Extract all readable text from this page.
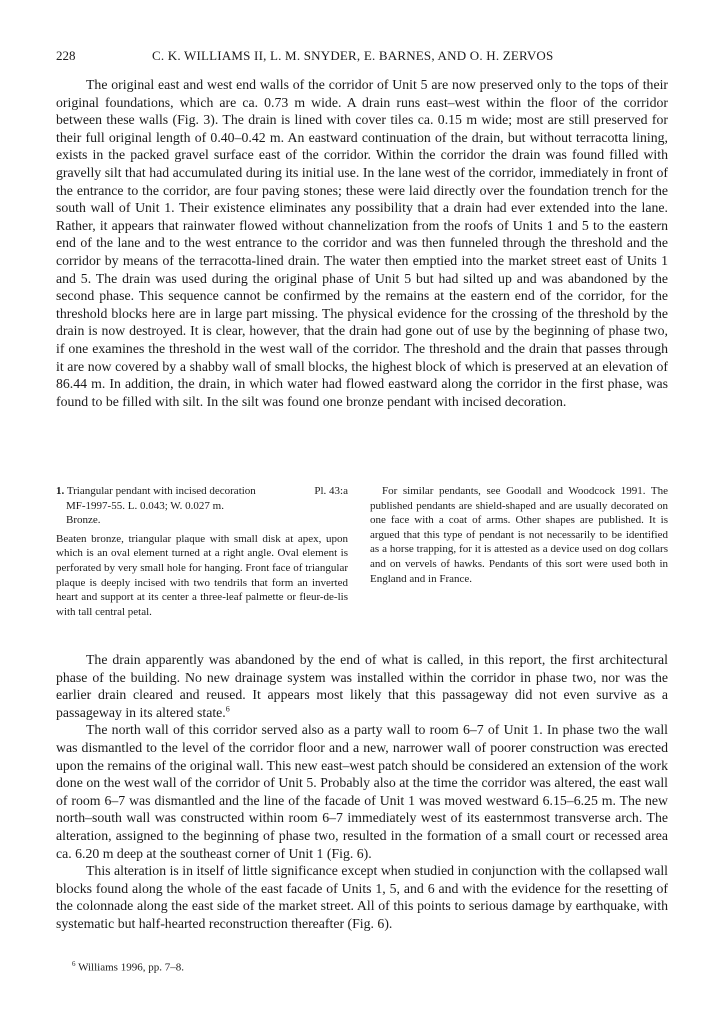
228	C. K. WILLIAMS II, L. M. SNYDER, E. BARNES, AND O. H. ZERVOS

The original east and west end walls of the corridor of Unit 5 are now preserved only to the tops of their original foundations, which are ca. 0.73 m wide. A drain runs east–west within the floor of the corridor between these walls (Fig. 3). The drain is lined with cover tiles ca. 0.15 m wide; most are still preserved for their full original length of 0.40–0.42 m. An eastward continuation of the drain, but without terracotta lining, exists in the packed gravel surface east of the corridor. Within the corridor the drain was found filled with gravelly silt that had accumulated during its initial use. In the lane west of the corridor, immediately in front of the entrance to the corridor, are four paving stones; these were laid directly over the foundation trench for the south wall of Unit 1. Their existence eliminates any possibility that a drain had ever extended into the lane. Rather, it appears that rainwater flowed without channelization from the roofs of Units 1 and 5 to the eastern end of the lane and to the west entrance to the corridor and was then funneled through the threshold and the corridor by means of the terracotta-lined drain. The water then emptied into the market street east of Units 1 and 5. The drain was used during the original phase of Unit 5 but had silted up and was abandoned by the second phase. This sequence cannot be confirmed by the remains at the eastern end of the corridor, for the threshold blocks here are in large part missing. The physical evidence for the crossing of the threshold by the drain is now destroyed. It is clear, however, that the drain had gone out of use by the beginning of phase two, if one examines the threshold in the west wall of the corridor. The threshold and the drain that passes through it are now covered by a shabby wall of small blocks, the highest block of which is preserved at an elevation of 86.44 m. In addition, the drain, in which water had flowed eastward along the corridor in the first phase, was found to be filled with silt. In the silt was found one bronze pendant with incised decoration.

1. Triangular pendant with incised decoration	Pl. 43:a
MF-1997-55. L. 0.043; W. 0.027 m.
Bronze.
Beaten bronze, triangular plaque with small disk at apex, upon which is an oval element turned at a right angle. Oval element is perforated by very small hole for hanging. Front face of triangular plaque is deeply incised with two tendrils that form an inverted heart and support at its center a three-leaf palmette or fleur-de-lis with tall central petal.

For similar pendants, see Goodall and Woodcock 1991. The published pendants are shield-shaped and are usually decorated on one face with a coat of arms. Other shapes are published. It is argued that this type of pendant is not necessarily to be identified as a horse trapping, for it is attested as a device used on dog collars and on vervels of hawks. Pendants of this sort were used both in England and in France.

The drain apparently was abandoned by the end of what is called, in this report, the first architectural phase of the building. No new drainage system was installed within the corridor in phase two, nor was the earlier drain cleared and reused. It appears most likely that this passageway did not even survive as a passageway in its altered state.$^6$

The north wall of this corridor served also as a party wall to room 6–7 of Unit 1. In phase two the wall was dismantled to the level of the corridor floor and a new, narrower wall of poorer construction was erected upon the remains of the original wall. This new east–west patch should be considered an extension of the work done on the west wall of the corridor of Unit 5. Probably also at the time the corridor was altered, the east wall of room 6–7 was dismantled and the line of the facade of Unit 1 was moved westward 6.15–6.25 m. The new north–south wall was constructed within room 6–7 immediately west of its easternmost transverse arch. The alteration, assigned to the beginning of phase two, resulted in the formation of a small court or recessed area ca. 6.20 m deep at the southeast corner of Unit 1 (Fig. 6).

This alteration is in itself of little significance except when studied in conjunction with the collapsed wall blocks found along the whole of the east facade of Units 1, 5, and 6 and with the evidence for the resetting of the colonnade along the east side of the market street. All of this points to serious damage by earthquake, with systematic but half-hearted reconstruction thereafter (Fig. 6).

$^6$ Williams 1996, pp. 7–8.
